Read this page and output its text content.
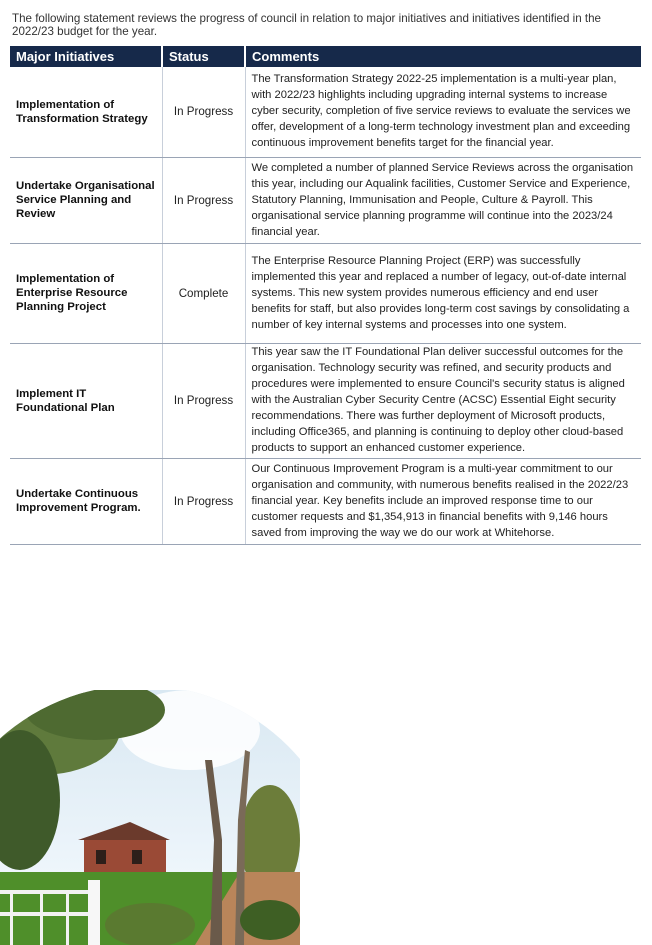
The following statement reviews the progress of council in relation to major initiatives and initiatives identified in the 2022/23 budget for the year.
Major Initiatives	Status	Comments
Implementation of Transformation Strategy	In Progress	The Transformation Strategy 2022-25 implementation is a multi-year plan, with 2022/23 highlights including upgrading internal systems to increase cyber security, completion of five service reviews to evaluate the services we offer, development of a long-term technology investment plan and exceeding continuous improvement benefits target for the financial year.
Undertake Organisational Service Planning and Review	In Progress	We completed a number of planned Service Reviews across the organisation this year, including our Aqualink facilities, Customer Service and Experience, Statutory Planning, Immunisation and People, Culture & Payroll. This organisational service planning programme will continue into the 2023/24 financial year.
Implementation of Enterprise Resource Planning Project	Complete	The Enterprise Resource Planning Project (ERP) was successfully implemented this year and replaced a number of legacy, out-of-date internal systems. This new system provides numerous efficiency and end user benefits for staff, but also provides long-term cost savings by consolidating a number of key internal systems and processes into one system.
Implement IT Foundational Plan	In Progress	This year saw the IT Foundational Plan deliver successful outcomes for the organisation. Technology security was refined, and security products and procedures were implemented to ensure Council's security status is aligned with the Australian Cyber Security Centre (ACSC) Essential Eight security recommendations. There was further deployment of Microsoft products, including Office365, and planning is continuing to deploy other cloud-based products to support an enhanced customer experience.
Undertake Continuous Improvement Program.	In Progress	Our Continuous Improvement Program is a multi-year commitment to our organisation and community, with numerous benefits realised in the 2022/23 financial year. Key benefits include an improved response time to our customer requests and $1,354,913 in financial benefits with 9,146 hours saved from improving the way we do our work at Whitehorse.
